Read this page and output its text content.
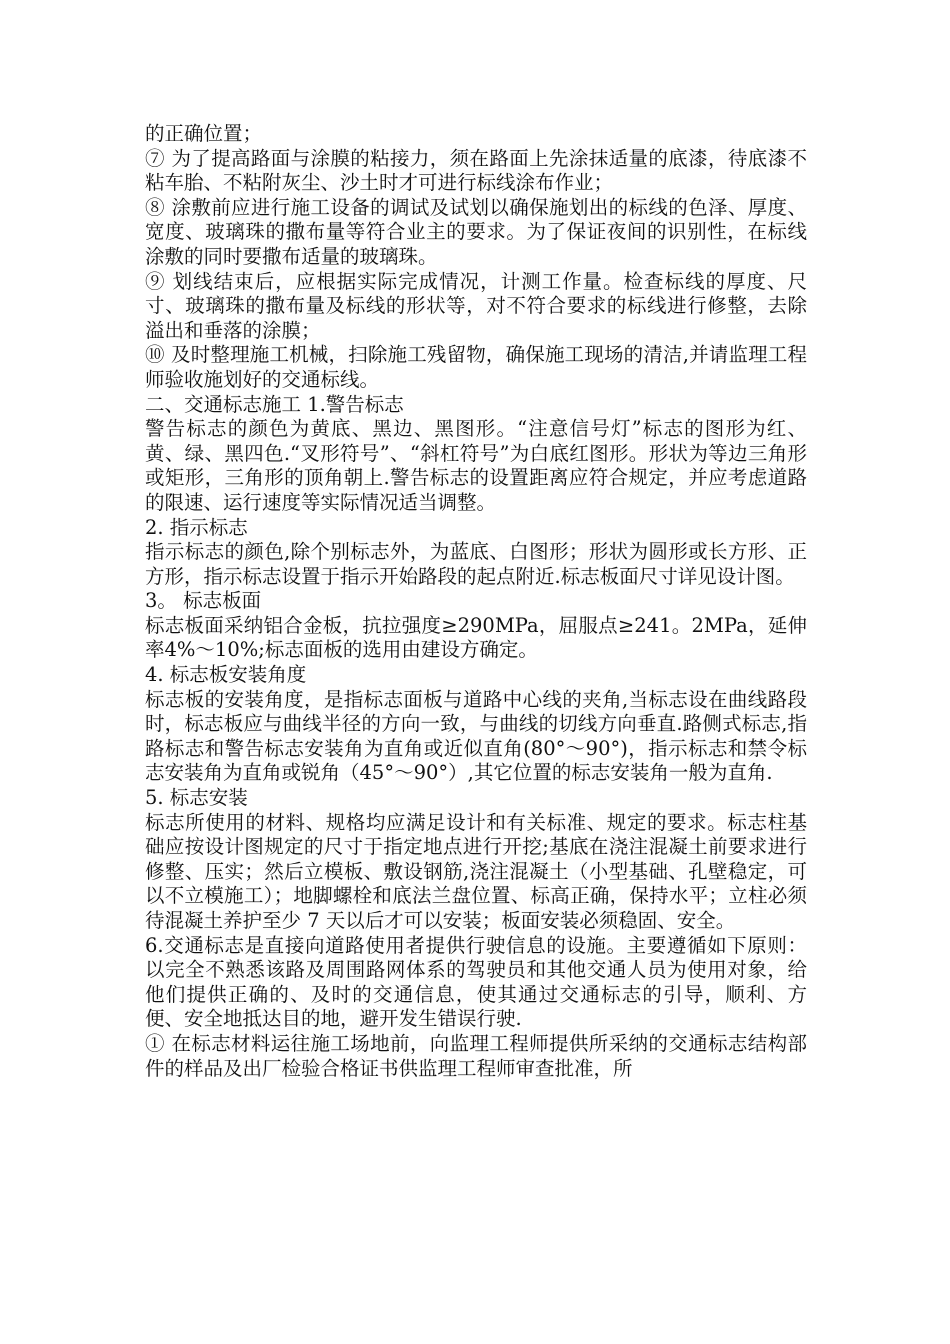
的正确位置；

⑦ 为了提高路面与涂膜的粘接力，须在路面上先涂抹适量的底漆，待底漆不粘车胎、不粘附灰尘、沙土时才可进行标线涂布作业；

⑧ 涂敷前应进行施工设备的调试及试划以确保施划出的标线的色泽、厚度、宽度、玻璃珠的撒布量等符合业主的要求。为了保证夜间的识别性，在标线涂敷的同时要撒布适量的玻璃珠。

⑨ 划线结束后，应根据实际完成情况，计测工作量。检查标线的厚度、尺寸、玻璃珠的撒布量及标线的形状等，对不符合要求的标线进行修整，去除溢出和垂落的涂膜；

⑩ 及时整理施工机械，扫除施工残留物，确保施工现场的清洁,并请监理工程师验收施划好的交通标线。

二、交通标志施工 1.警告标志

警告标志的颜色为黄底、黑边、黑图形。“注意信号灯”标志的图形为红、黄、绿、黑四色.“叉形符号”、“斜杠符号”为白底红图形。形状为等边三角形或矩形，三角形的顶角朝上.警告标志的设置距离应符合规定，并应考虑道路的限速、运行速度等实际情况适当调整。

2. 指示标志

指示标志的颜色,除个别标志外，为蓝底、白图形；形状为圆形或长方形、正方形，指示标志设置于指示开始路段的起点附近.标志板面尺寸详见设计图。

3。 标志板面

标志板面采纳铝合金板，抗拉强度≥290MPa，屈服点≥241。2MPa，延伸率4%～10%;标志面板的选用由建设方确定。

4. 标志板安装角度

标志板的安装角度，是指标志面板与道路中心线的夹角,当标志设在曲线路段时，标志板应与曲线半径的方向一致，与曲线的切线方向垂直.路侧式标志,指路标志和警告标志安装角为直角或近似直角(80°～90°)，指示标志和禁令标志安装角为直角或锐角（45°～90°）,其它位置的标志安装角一般为直角.

5. 标志安装

标志所使用的材料、规格均应满足设计和有关标准、规定的要求。标志柱基础应按设计图规定的尺寸于指定地点进行开挖;基底在浇注混凝土前要求进行修整、压实；然后立模板、敷设钢筋,浇注混凝土（小型基础、孔壁稳定，可以不立模施工）；地脚螺栓和底法兰盘位置、标高正确，保持水平；立柱必须待混凝土养护至少 7 天以后才可以安装；板面安装必须稳固、安全。

6.交通标志是直接向道路使用者提供行驶信息的设施。主要遵循如下原则：以完全不熟悉该路及周围路网体系的驾驶员和其他交通人员为使用对象，给他们提供正确的、及时的交通信息，使其通过交通标志的引导，顺利、方便、安全地抵达目的地，避开发生错误行驶.

① 在标志材料运往施工场地前，向监理工程师提供所采纳的交通标志结构部件的样品及出厂检验合格证书供监理工程师审查批准，所
